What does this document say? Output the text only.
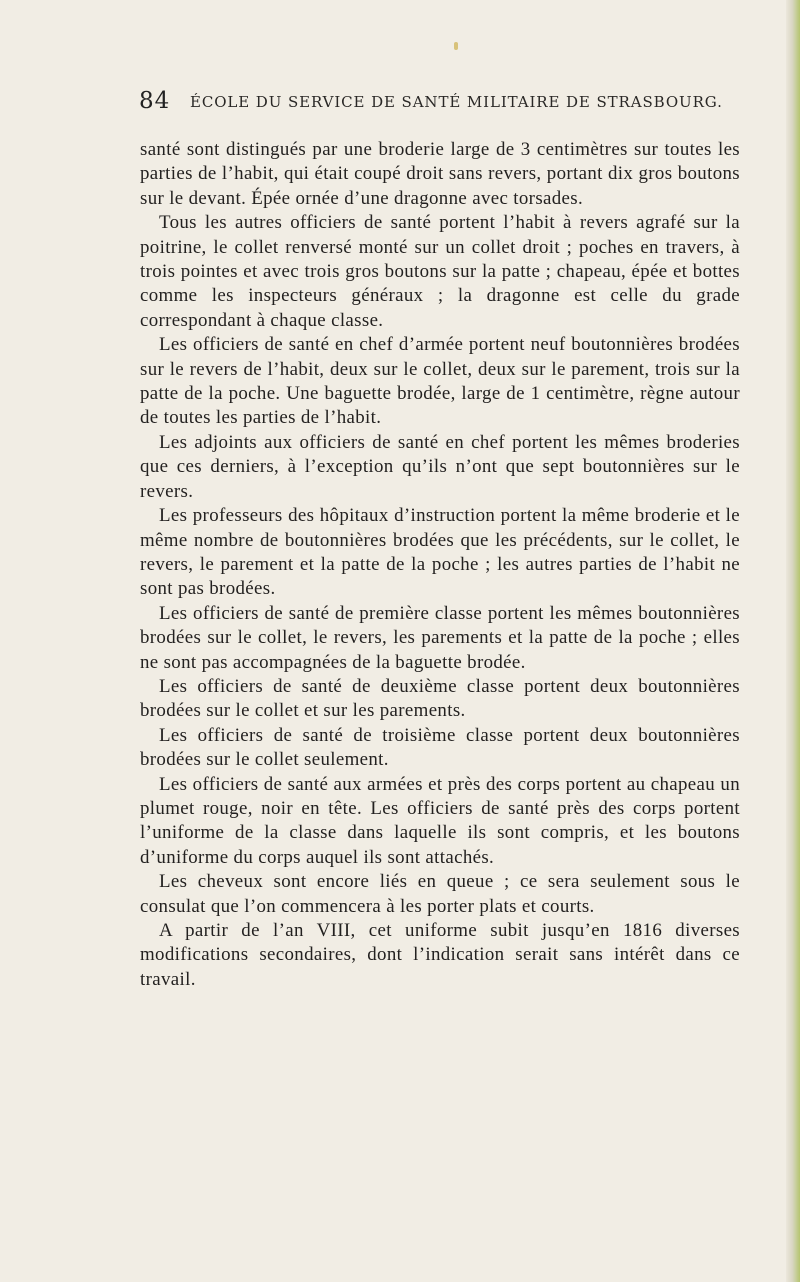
84 ÉCOLE DU SERVICE DE SANTÉ MILITAIRE DE STRASBOURG.

santé sont distingués par une broderie large de 3 centimètres sur toutes les parties de l’habit, qui était coupé droit sans revers, portant dix gros boutons sur le devant. Épée ornée d’une dragonne avec torsades.

Tous les autres officiers de santé portent l’habit à revers agrafé sur la poitrine, le collet renversé monté sur un collet droit ; poches en travers, à trois pointes et avec trois gros boutons sur la patte ; chapeau, épée et bottes comme les inspecteurs généraux ; la dragonne est celle du grade correspondant à chaque classe.

Les officiers de santé en chef d’armée portent neuf boutonnières brodées sur le revers de l’habit, deux sur le collet, deux sur le parement, trois sur la patte de la poche. Une baguette brodée, large de 1 centimètre, règne autour de toutes les parties de l’habit.

Les adjoints aux officiers de santé en chef portent les mêmes broderies que ces derniers, à l’exception qu’ils n’ont que sept boutonnières sur le revers.

Les professeurs des hôpitaux d’instruction portent la même broderie et le même nombre de boutonnières brodées que les précédents, sur le collet, le revers, le parement et la patte de la poche ; les autres parties de l’habit ne sont pas brodées.

Les officiers de santé de première classe portent les mêmes boutonnières brodées sur le collet, le revers, les parements et la patte de la poche ; elles ne sont pas accompagnées de la baguette brodée.

Les officiers de santé de deuxième classe portent deux boutonnières brodées sur le collet et sur les parements.

Les officiers de santé de troisième classe portent deux boutonnières brodées sur le collet seulement.

Les officiers de santé aux armées et près des corps portent au chapeau un plumet rouge, noir en tête. Les officiers de santé près des corps portent l’uniforme de la classe dans laquelle ils sont compris, et les boutons d’uniforme du corps auquel ils sont attachés.

Les cheveux sont encore liés en queue ; ce sera seulement sous le consulat que l’on commencera à les porter plats et courts.

A partir de l’an VIII, cet uniforme subit jusqu’en 1816 diverses modifications secondaires, dont l’indication serait sans intérêt dans ce travail.
